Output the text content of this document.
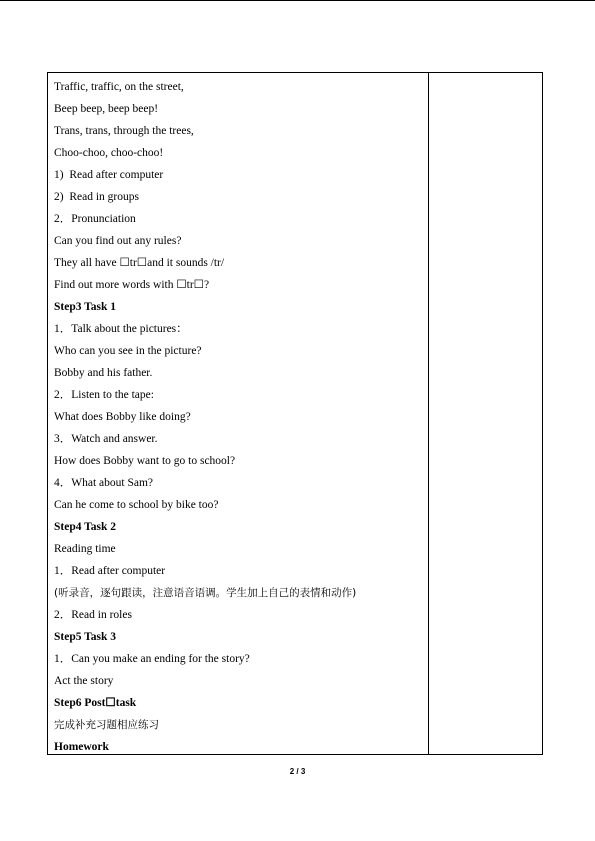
Traffic, traffic, on the street,
Beep beep, beep beep!
Trans, trans, through the trees,
Choo-choo, choo-choo!
1)  Read after computer
2)  Read in groups
2．Pronunciation
Can you find out any rules?
They all have ☐tr☐and it sounds /tr/
Find out more words with ☐tr☐?
Step3 Task 1
1．Talk about the pictures：
Who can you see in the picture?
Bobby and his father.
2．Listen to the tape:
What does Bobby like doing?
3．Watch and answer.
How does Bobby want to go to school?
4．What about Sam?
Can he come to school by bike too?
Step4 Task 2
Reading time
1．Read after computer
(听录音，逐句跟读，注意语音语调。学生加上自己的表情和动作)
2．Read in roles
Step5 Task 3
1．Can you make an ending for the story?
Act the story
Step6 Post☐task
完成补充习题相应练习
Homework
2 / 3
